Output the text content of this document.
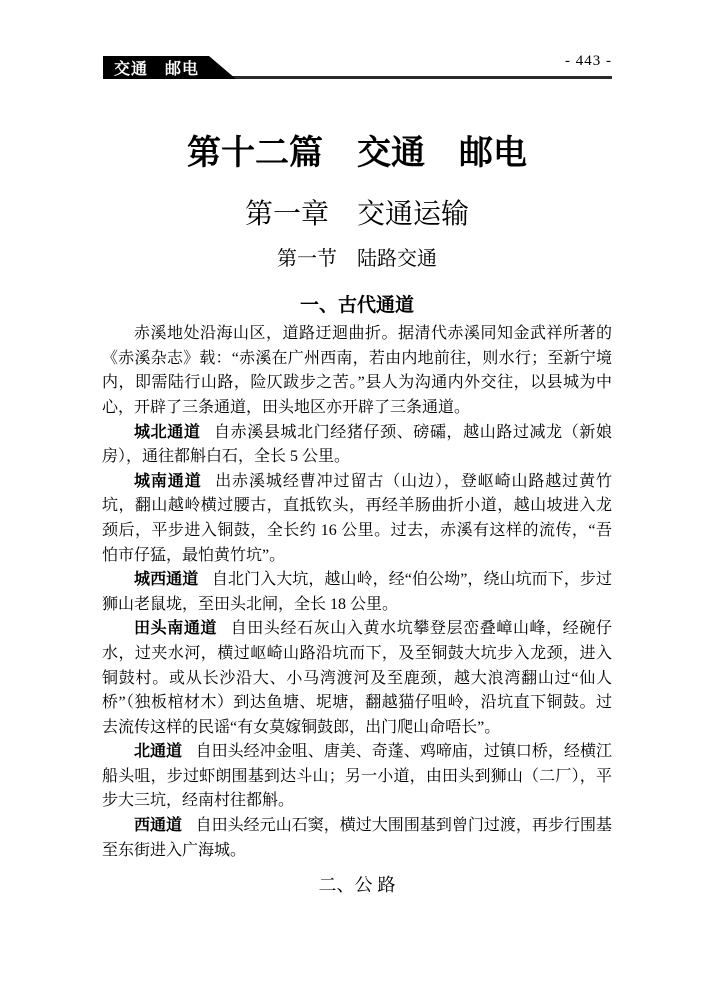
交通　邮电	- 443 -
第十二篇　交通　邮电
第一章　交通运输
第一节　陆路交通
一、古代通道

赤溪地处沿海山区，道路迂迴曲折。据清代赤溪同知金武祥所著的《赤溪杂志》载：“赤溪在广州西南，若由内地前往，则水行；至新宁境内，即需陆行山路，险仄跋步之苦。”县人为沟通内外交往，以县城为中心，开辟了三条通道，田头地区亦开辟了三条通道。

城北通道 自赤溪县城北门经猪仔颈、磅礵，越山路过减龙（新娘房），通往都斛白石，全长 5 公里。

城南通道 出赤溪城经曹冲过留古（山边），登岖崎山路越过黄竹坑，翻山越岭横过腰古，直抵钦头，再经羊肠曲折小道，越山坡进入龙颈后，平步进入铜鼓，全长约 16 公里。过去，赤溪有这样的流传，“吾怕市仔猛，最怕黄竹坑”。

城西通道 自北门入大坑，越山岭，经“伯公坳”，绕山坑而下，步过狮山老鼠垅，至田头北闸，全长 18 公里。

田头南通道 自田头经石灰山入黄水坑攀登层峦叠嶂山峰，经碗仔水，过夹水河，横过岖崎山路沿坑而下，及至铜鼓大坑步入龙颈，进入铜鼓村。或从长沙沿大、小马湾渡河及至鹿颈，越大浪湾翻山过“仙人桥”（独板棺材木）到达鱼塘、坭塘，翻越猫仔咀岭，沿坑直下铜鼓。过去流传这样的民谣“有女莫嫁铜鼓郎，出门爬山命唔长”。

北通道 自田头经冲金咀、唐美、奇蓬、鸡啼庙，过镇口桥，经横江船头咀，步过虾朗围基到达斗山；另一小道，由田头到狮山（二厂），平步大三坑，经南村往都斛。

西通道 自田头经元山石窦，横过大围围基到曾门过渡，再步行围基至东街进入广海城。

二、公 路
